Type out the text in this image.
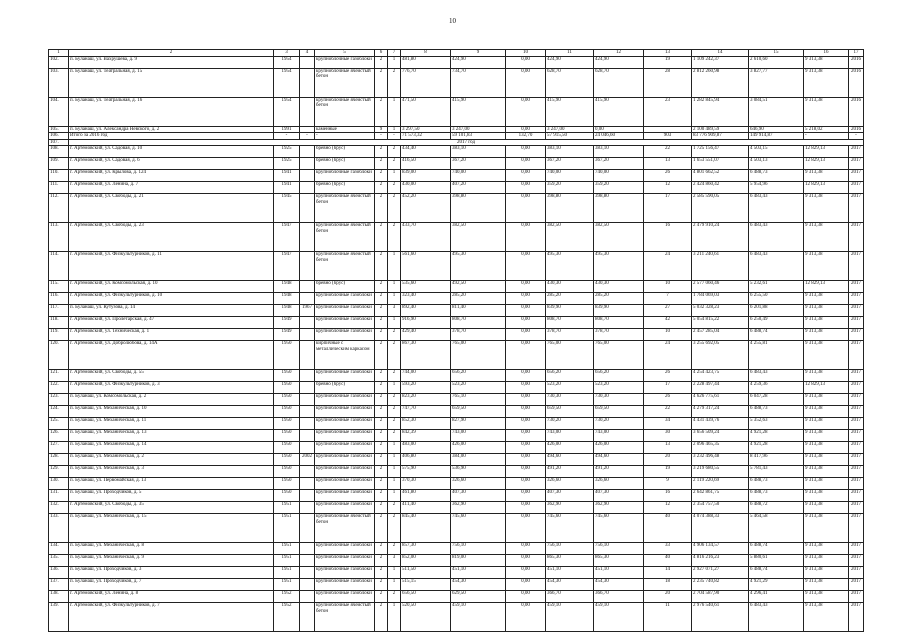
10
1	2	3	4	5	6	7	8	9	10	11	12	13	14	15	16	17
102.	п. Буланаш, ул. Вахрушева, д. 9	1954		крупноблочные газоблоки	2	1	481,80	424,90	0,00	424,90	424,90	19	1 109 242,37	2 610,60	9 313,38	2016
103.	п. Буланаш, ул. Театральная, д. 15	1954		крупноблочные ячеистый бетон	2	2	776,70	734,70	0,00	628,70	628,70	28	2 812 260,98	3 827,77	9 313,38	2016
104.	п. Буланаш, ул. Театральная, д. 16	1954		крупноблочные ячеистый бетон	2	1	471,50	415,90	0,00	415,90	415,90	23	1 282 845,94	3 084,51	9 313,38	2016
105.	п. Буланаш, ул. Александра Невского, д. 2	1991		каменные	9	1	3 297,50	3 247,00	0,00	3 247,00	0,00		2 100 489,59	646,90	5 218,02	2016
106.	Итого за 2016 год	-	-	-	-	-	71 573,32	59 101,83	132,70	57 915,50	24 046,60	903	83 776 909,87	149 914,87	-	-
107.	2017 год															
108.	г. Артемовский, ул. Садовая, д. 10	1925		бревно (брус)	2	2	434,40	383,10	0,00	383,10	383,10	22	1 725 156,47	4 503,15	12 829,13	2017
109.	г. Артемовский, ул. Садовая, д. 6	1925		бревно (брус)	2	2	416,50	367,20	0,00	367,20	367,20	13	1 653 551,07	4 503,13	12 829,13	2017
110.	г. Артемовский, ул. Крылова, д. 124	1941		крупноблочные газоблоки	2	1	839,00	740,00	0,00	740,00	740,00	26	4 801 662,52	6 488,73	9 313,38	2017
111.	г. Артемовский, ул. Ленина, д. 7	1941		бревно (брус)	2	2	430,00	407,20	0,00	359,20	359,20	12	2 424 860,42	5 954,96	12 829,13	2017
112.	г. Артемовский, ул. Свободы, д. 21	1945		крупноблочные ячеистый бетон	2	2	452,20	398,80	0,00	398,80	398,80	17	2 585 590,05	6 483,43	9 313,38	2017
113.	г. Артемовский, ул. Свободы, д. 23	1947		крупноблочные ячеистый бетон	2	2	433,70	382,50	0,00	382,50	382,50	16	2 479 910,24	6 483,43	9 313,38	2017
114.	г. Артемовский, ул. Физкультурников, д. 11	1947		крупноблочные ячеистый бетон	2	1	561,60	495,30	0,00	495,30	495,30	24	3 211 240,61	6 483,43	9 313,38	2017
115.	г. Артемовский, ул. Комсомольская, д. 10	1948		бревно (брус)	2	1	535,60	492,50	0,00	430,30	430,30	10	2 577 060,46	5 232,61	12 829,13	2017
116.	г. Артемовский, ул. Физкультурников, д. 10	1948		крупноблочные газоблоки	2	1	323,40	285,20	0,00	285,20	285,20	7	1 784 069,03	6 255,50	9 313,38	2017
117.	п. Буланаш, ул. Кутузова, д. 14	1948	1967	крупноблочные газоблоки	2	3	892,40	811,40	0,00	839,90	839,90	27	5 032 328,23	6 201,88	9 313,38	2017
118.	г. Артемовский, ул. Пролетарская, д. 47	1949		крупноблочные газоблоки	2	1	916,90	808,70	0,00	808,70	808,70	42	5 054 815,22	6 250,49	9 313,38	2017
119.	г. Артемовский, ул. Техническая, д. 1	1949		крупноблочные газоблоки	2	2	429,40	378,70	0,00	378,70	378,70	10	2 457 285,04	6 488,74	9 313,38	2017
120.	г. Артемовский, ул. Добролюбова, д. 14А	1950		кирпичные с металлическим каркасом	2	2	867,30	765,00	0,00	765,00	765,00	24	3 255 692,05	4 255,81	9 313,38	2017
121.	г. Артемовский, ул. Свободы, д. 55	1950		крупноблочные газоблоки	2	2	744,00	656,20	0,00	656,20	656,20	26	4 254 423,75	6 483,43	9 313,38	2017
122.	г. Артемовский, ул. Физкультурников, д. 3	1950		бревно (брус)	2	1	593,20	523,20	0,00	523,20	523,20	17	2 228 497,44	4 259,36	12 829,13	2017
123.	п. Буланаш, ул. Комсомольская, д. 2	1950		крупноблочные газоблоки	2	2	823,20	765,10	0,00	730,30	730,30	26	4 626 775,61	6 047,28	9 313,38	2017
124.	п. Буланаш, ул. Механическая, д. 10	1950		крупноблочные газоблоки	2	2	747,70	659,50	0,00	659,50	659,50	22	4 279 317,24	6 488,73	9 313,38	2017
125.	п. Буланаш, ул. Механическая, д. 11	1950		крупноблочные газоблоки	2	2	852,30	827,90	0,00	730,20	730,20	34	4 431 439,76	5 352,63	9 313,38	2017
126.	п. Буланаш, ул. Механическая, д. 13	1950		крупноблочные газоблоки	2	2	842,39	743,00	0,00	743,00	743,00	30	3 656 509,24	4 921,28	9 313,38	2017
127.	п. Буланаш, ул. Механическая, д. 14	1950		крупноблочные газоблоки	2	1	483,00	426,00	0,00	426,00	426,00	13	2 096 465,35	4 921,28	9 313,38	2017
128.	п. Буланаш, ул. Механическая, д. 2	1950	2002	крупноблочные газоблоки	2	1	406,80	384,00	0,00	494,60	494,60	20	3 232 496,48	8 417,96	9 313,38	2017
129.	п. Буланаш, ул. Механическая, д. 3	1950		крупноблочные газоблоки	2	1	575,90	536,90	0,00	491,20	491,20	19	3 219 680,55	5 781,43	9 313,38	2017
130.	п. Буланаш, ул. Первомайская, д. 13	1950		крупноблочные газоблоки	2	1	370,30	326,60	0,00	326,60	326,60	9	2 119 220,69	6 488,73	9 313,38	2017
131.	п. Буланаш, ул. Проходчиков, д. 5	1950		крупноблочные газоблоки	2	1	461,80	407,30	0,00	407,30	407,30	16	2 642 861,75	6 488,73	9 313,38	2017
132.	г. Артемовский, ул. Свободы, д. 35	1951		крупноблочные газоблоки	2	2	411,40	362,90	0,00	362,90	362,90	12	2 354 757,50	6 488,72	9 313,38	2017
133.	п. Буланаш, ул. Механическая, д. 15	1951		крупноблочные ячеистый бетон	2	2	845,40	745,60	0,00	745,60	745,60	40	4 074 388,33	5 464,58	9 313,38	2017
134.	п. Буланаш, ул. Механическая, д. 8	1951		крупноблочные газоблоки	2	2	857,30	756,10	0,00	756,10	756,10	33	4 906 134,57	6 488,74	9 313,38	2017
135.	п. Буланаш, ул. Механическая, д. 9	1951		крупноблочные газоблоки	2	3	852,00	819,00	0,00	865,30	865,30	40	4 816 216,23	5 880,61	9 313,38	2017
136.	п. Буланаш, ул. Проходчиков, д. 3	1951		крупноблочные газоблоки	2	1	511,50	451,10	0,00	451,10	451,10	14	2 927 071,27	6 488,74	9 313,38	2017
137.	п. Буланаш, ул. Проходчиков, д. 7	1951		крупноблочные газоблоки	2	1	515,15	454,30	0,00	454,30	454,30	18	2 235 740,82	4 921,29	9 313,38	2017
138.	г. Артемовский, ул. Ленина, д. 8	1952		крупноблочные газоблоки	2	2	656,50	629,50	0,00	366,70	366,70	20	2 704 587,90	4 296,41	9 313,38	2017
139.	г. Артемовский, ул. Физкультурников, д. 7	1952		крупноблочные ячеистый бетон	2	1	520,50	459,10	0,00	459,10	459,10	11	2 976 540,61	6 483,43	9 313,38	2017
